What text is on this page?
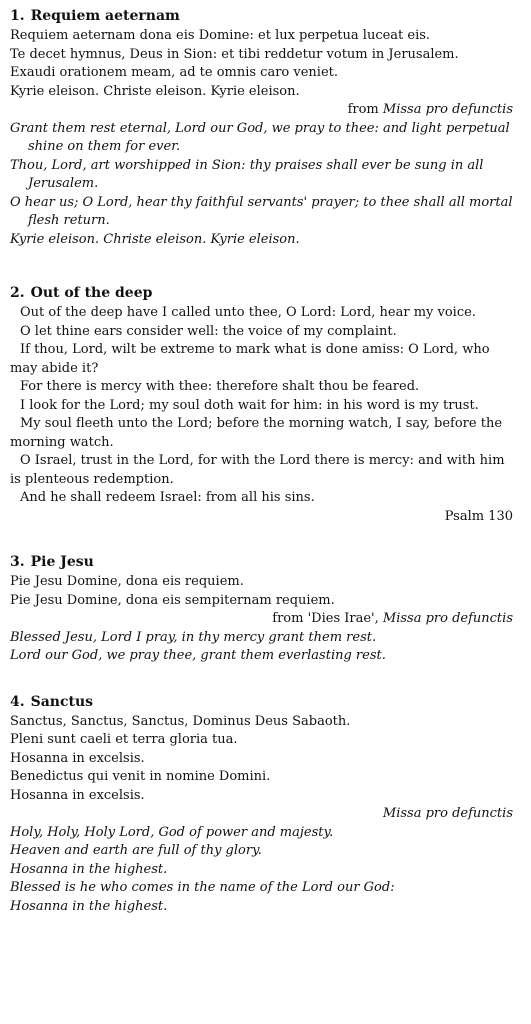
1. Requiem aeternam

Requiem aeternam dona eis Domine: et lux perpetua luceat eis.

Te decet hymnus, Deus in Sion: et tibi reddetur votum in Jerusalem.

Exaudi orationem meam, ad te omnis caro veniet.

Kyrie eleison. Christe eleison. Kyrie eleison.

from Missa pro defunctis

Grant them rest eternal, Lord our God, we pray to thee: and light perpetual shine on them for ever.

Thou, Lord, art worshipped in Sion: thy praises shall ever be sung in all Jerusalem.

O hear us; O Lord, hear thy faithful servants' prayer; to thee shall all mortal flesh return.

Kyrie eleison. Christe eleison. Kyrie eleison.

2. Out of the deep

Out of the deep have I called unto thee, O Lord: Lord, hear my voice.

O let thine ears consider well: the voice of my complaint.

If thou, Lord, wilt be extreme to mark what is done amiss: O Lord, who may abide it?

For there is mercy with thee: therefore shalt thou be feared.

I look for the Lord; my soul doth wait for him: in his word is my trust.

My soul fleeth unto the Lord; before the morning watch, I say, before the morning watch.

O Israel, trust in the Lord, for with the Lord there is mercy: and with him is plenteous redemption.

And he shall redeem Israel: from all his sins.

Psalm 130

3. Pie Jesu

Pie Jesu Domine, dona eis requiem.

Pie Jesu Domine, dona eis sempiternam requiem.

from 'Dies Irae', Missa pro defunctis

Blessed Jesu, Lord I pray, in thy mercy grant them rest.

Lord our God, we pray thee, grant them everlasting rest.

4. Sanctus

Sanctus, Sanctus, Sanctus, Dominus Deus Sabaoth.

Pleni sunt caeli et terra gloria tua.

Hosanna in excelsis.

Benedictus qui venit in nomine Domini.

Hosanna in excelsis.

Missa pro defunctis

Holy, Holy, Holy Lord, God of power and majesty.

Heaven and earth are full of thy glory.

Hosanna in the highest.

Blessed is he who comes in the name of the Lord our God:

Hosanna in the highest.
